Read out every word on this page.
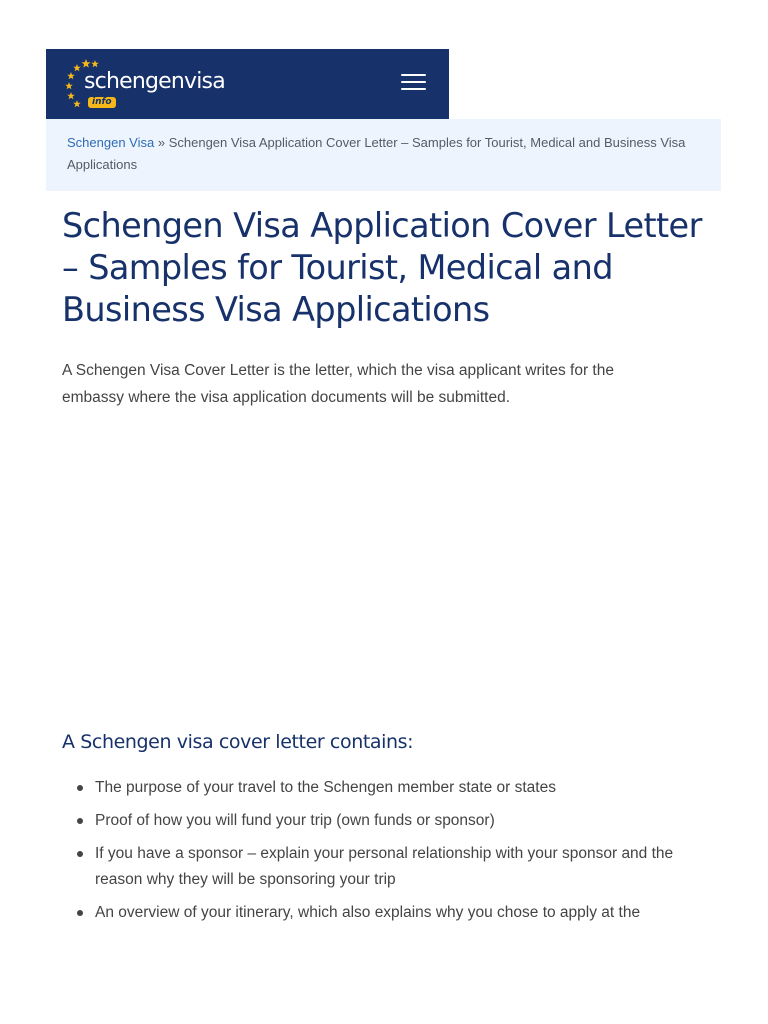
schengenvisa
info
Schengen Visa » Schengen Visa Application Cover Letter – Samples for Tourist, Medical and Business Visa Applications
Schengen Visa Application Cover Letter – Samples for Tourist, Medical and Business Visa Applications

A Schengen Visa Cover Letter is the letter, which the visa applicant writes for the embassy where the visa application documents will be submitted.

A Schengen visa cover letter contains:
The purpose of your travel to the Schengen member state or states
Proof of how you will fund your trip (own funds or sponsor)
If you have a sponsor – explain your personal relationship with your sponsor and the reason why they will be sponsoring your trip
An overview of your itinerary, which also explains why you chose to apply at the
